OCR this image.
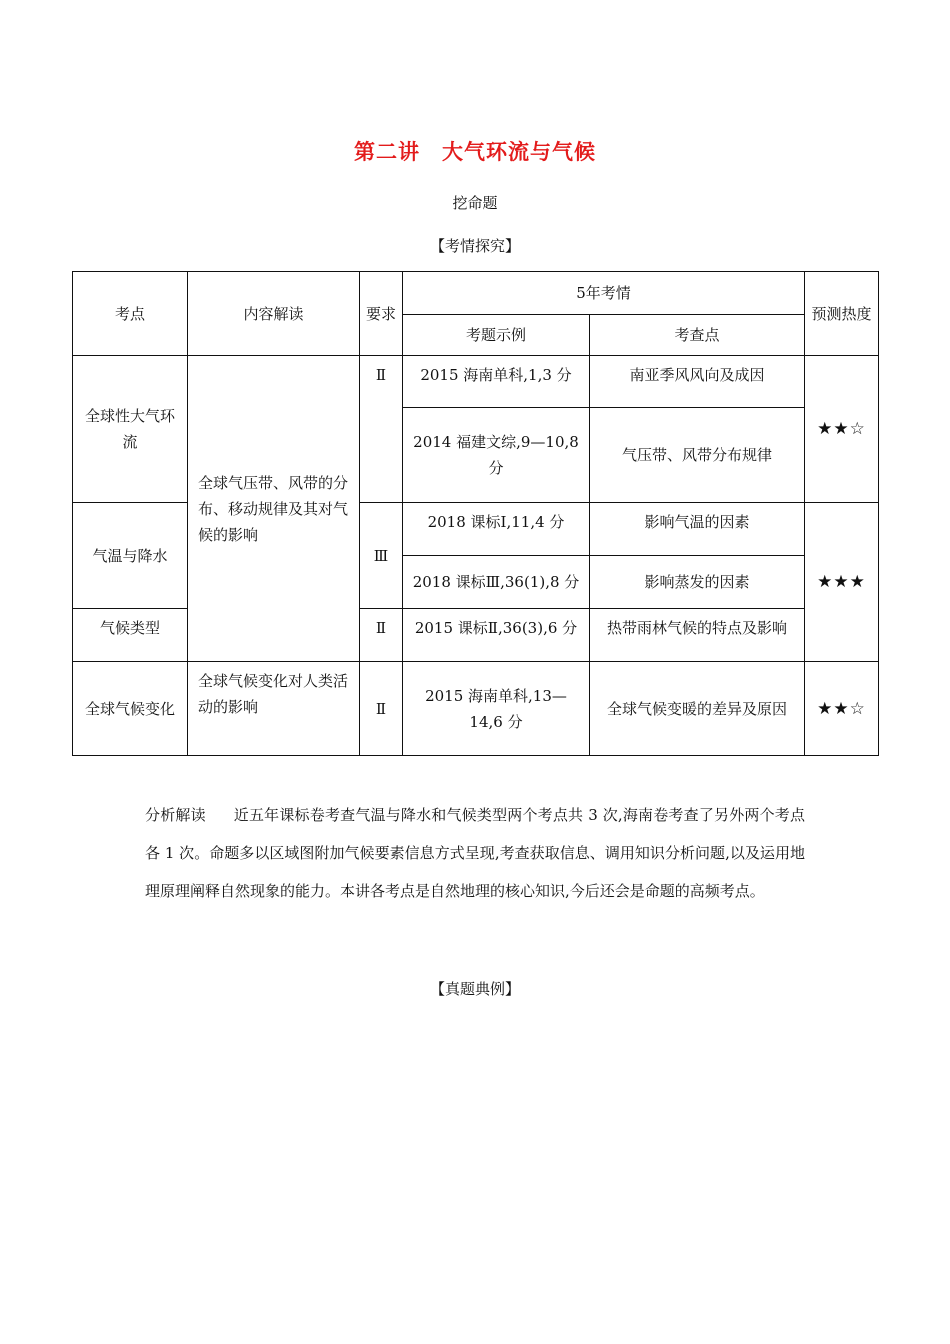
第二讲　大气环流与气候
挖命题
【考情探究】
考点	内容解读	要求	5年考情		预测热度
			考题示例	考查点	
全球性大气环流	全球气压带、风带的分布、移动规律及其对气候的影响	Ⅱ	2015 海南单科,1,3 分	南亚季风风向及成因	★★☆
			2014 福建文综,9—10,8 分	气压带、风带分布规律	
气温与降水		Ⅲ	2018 课标Ⅰ,11,4 分	影响气温的因素	★★★
			2018 课标Ⅲ,36(1),8 分	影响蒸发的因素	
气候类型		Ⅱ	2015 课标Ⅱ,36(3),6 分	热带雨林气候的特点及影响	
全球气候变化	全球气候变化对人类活动的影响	Ⅱ	2015 海南单科,13—14,6 分	全球气候变暖的差异及原因	★★☆
分析解读 近五年课标卷考查气温与降水和气候类型两个考点共 3 次,海南卷考查了另外两个考点各 1 次。命题多以区域图附加气候要素信息方式呈现,考查获取信息、调用知识分析问题,以及运用地理原理阐释自然现象的能力。本讲各考点是自然地理的核心知识,今后还会是命题的高频考点。
【真题典例】
